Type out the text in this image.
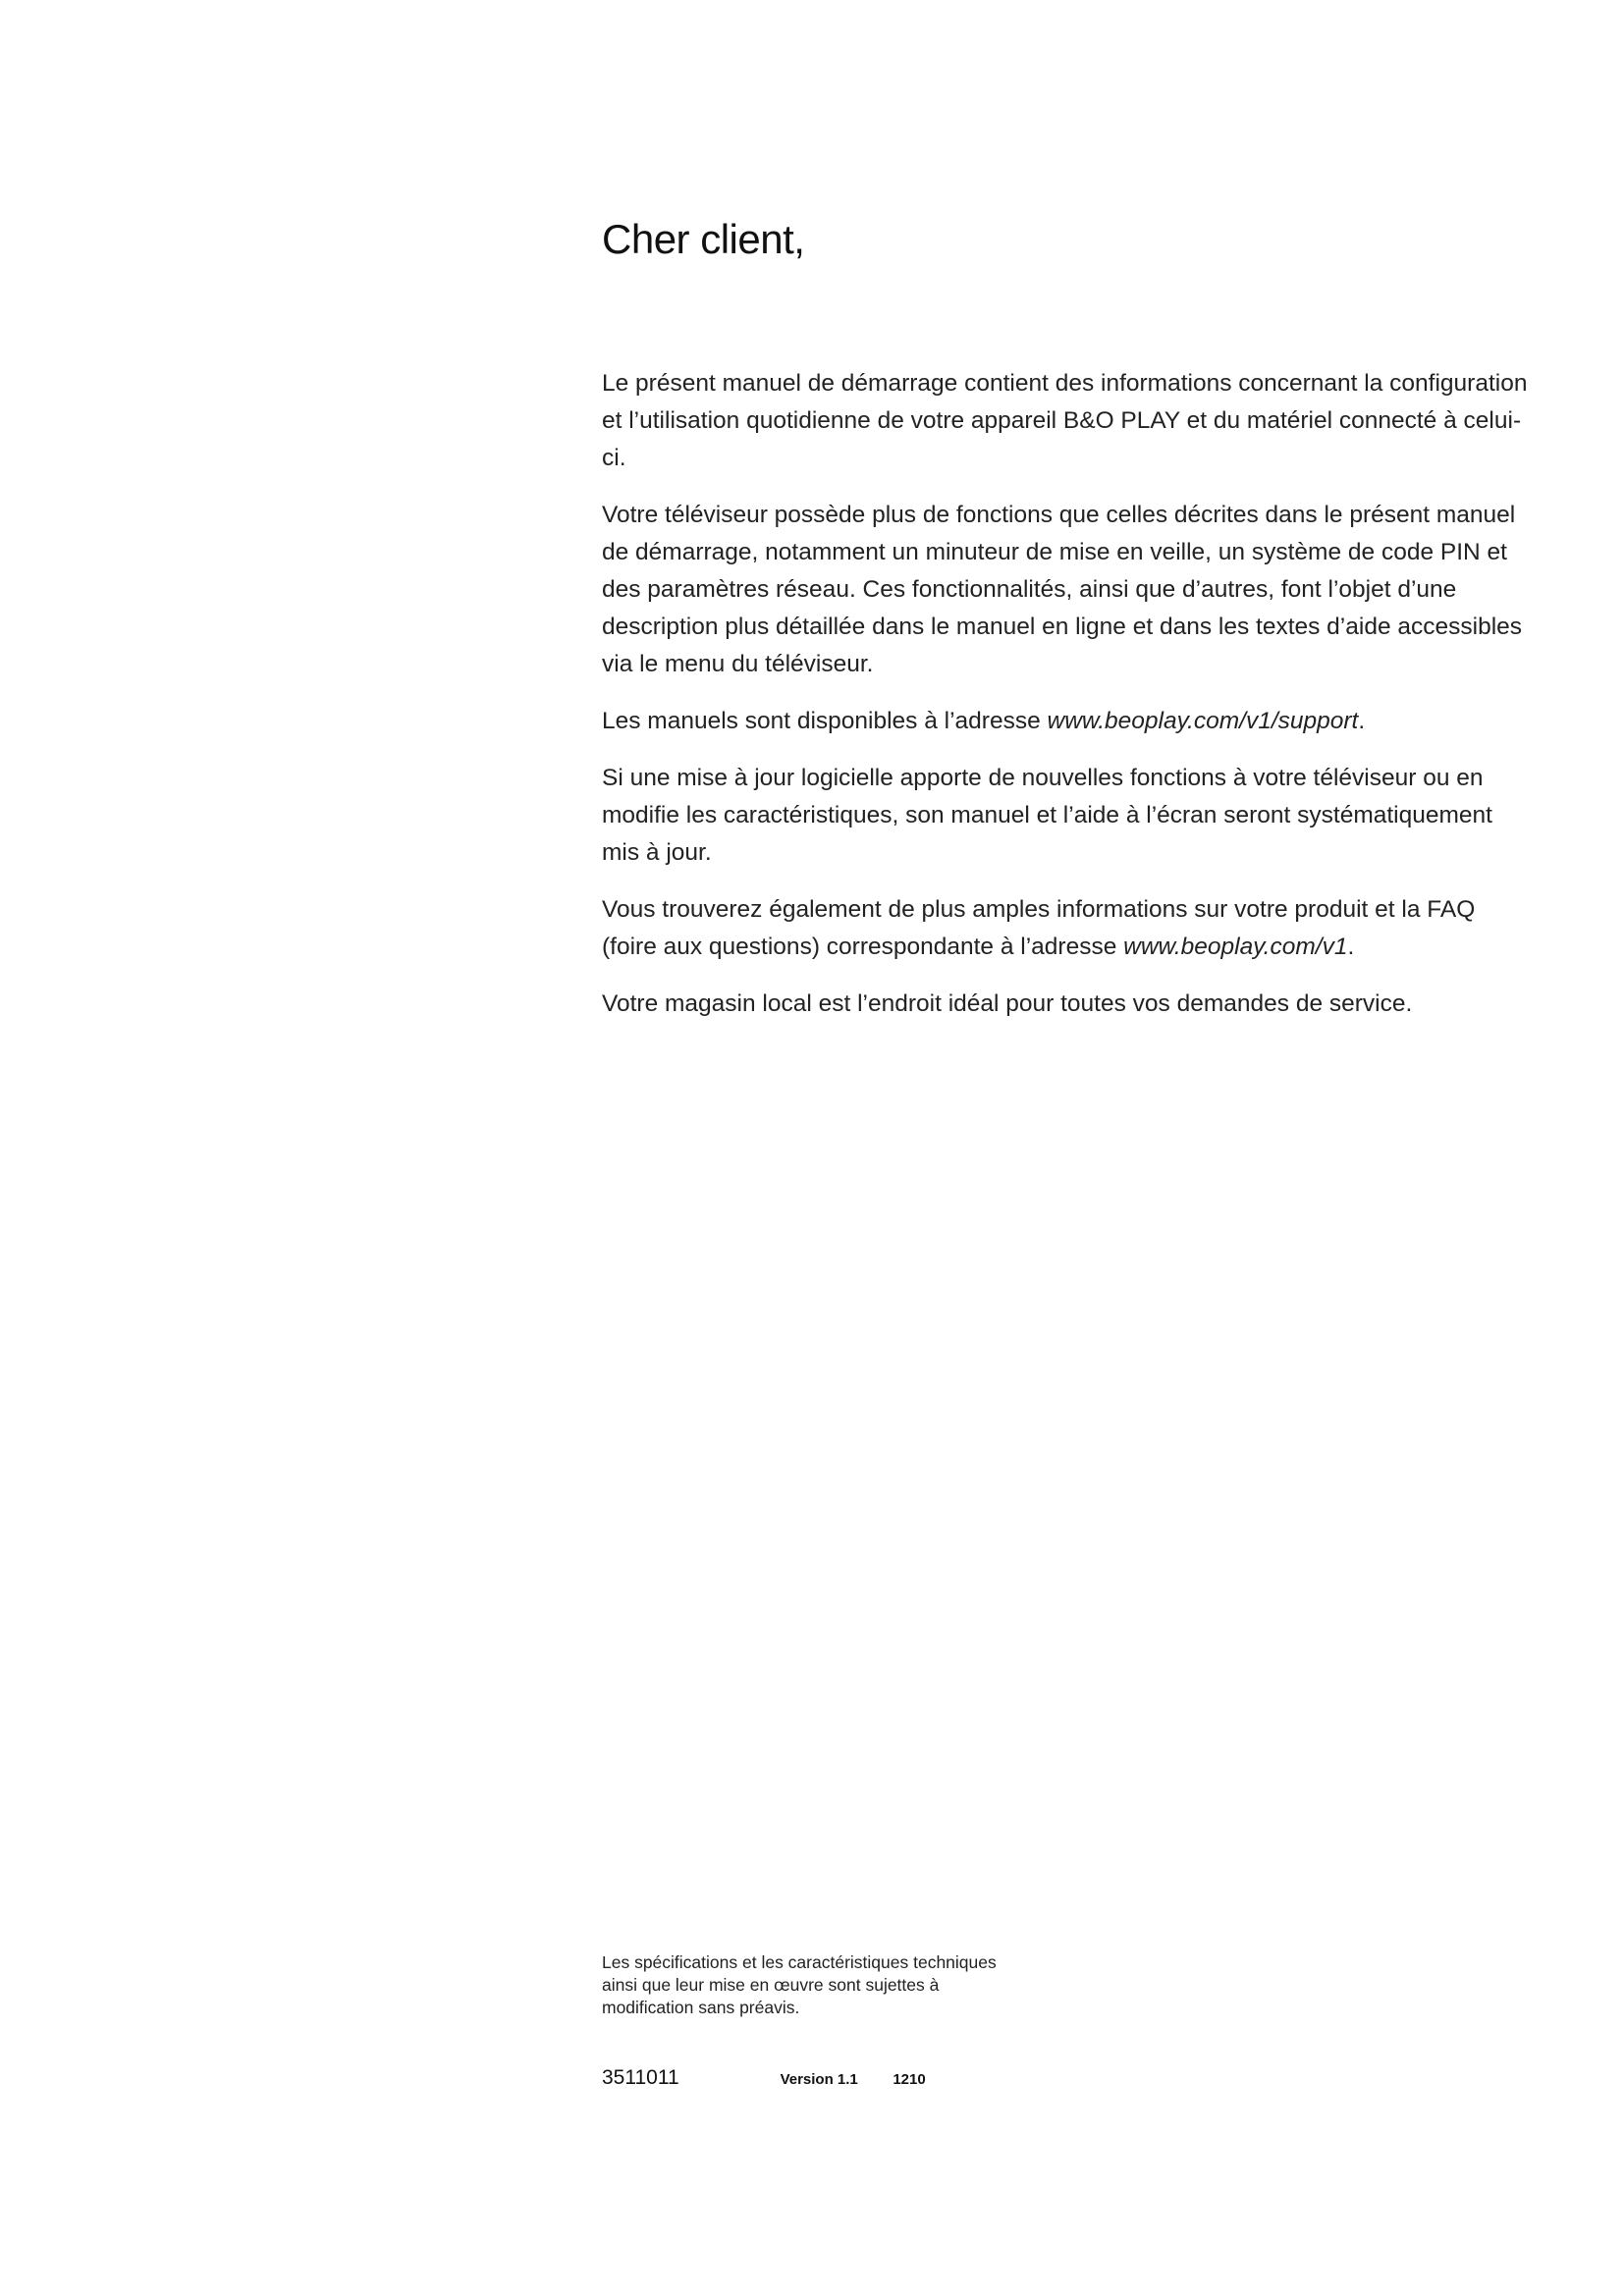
Cher client,

Le présent manuel de démarrage contient des informations concernant la configuration et l’utilisation quotidienne de votre appareil B&O PLAY et du matériel connecté à celui-ci.

Votre téléviseur possède plus de fonctions que celles décrites dans le présent manuel de démarrage, notamment un minuteur de mise en veille, un système de code PIN et des paramètres réseau. Ces fonctionnalités, ainsi que d’autres, font l’objet d’une description plus détaillée dans le manuel en ligne et dans les textes d’aide accessibles via le menu du téléviseur.

Les manuels sont disponibles à l’adresse www.beoplay.com/v1/support.

Si une mise à jour logicielle apporte de nouvelles fonctions à votre téléviseur ou en modifie les caractéristiques, son manuel et l’aide à l’écran seront systématiquement mis à jour.

Vous trouverez également de plus amples informations sur votre produit et la FAQ (foire aux questions) correspondante à l’adresse www.beoplay.com/v1.

Votre magasin local est l’endroit idéal pour toutes vos demandes de service.

Les spécifications et les caractéristiques techniques ainsi que leur mise en œuvre sont sujettes à modification sans préavis.
3511011	Version 1.1 1210
